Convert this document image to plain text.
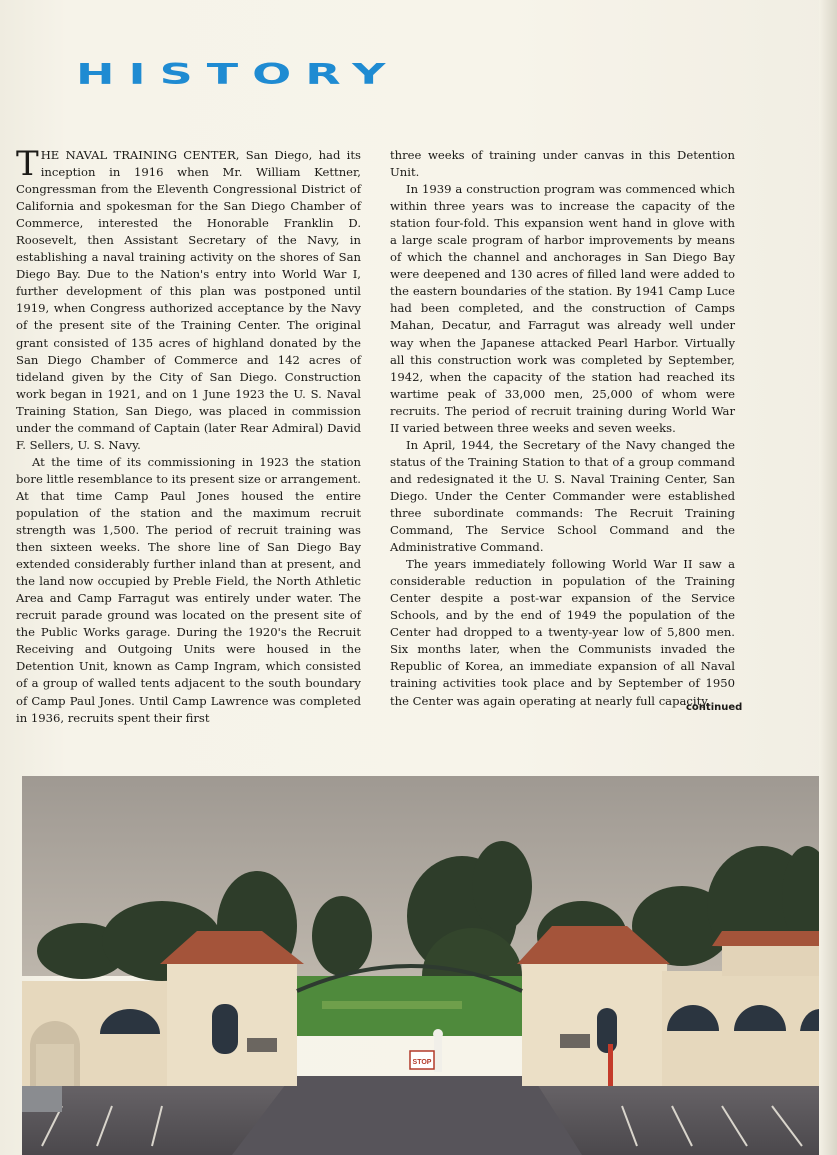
HISTORY

THE NAVAL TRAINING CENTER, San Diego, had its inception in 1916 when Mr. William Kettner, Congressman from the Eleventh Congressional District of California and spokesman for the San Diego Chamber of Commerce, interested the Honorable Franklin D. Roosevelt, then Assistant Secretary of the Navy, in establishing a naval training activity on the shores of San Diego Bay. Due to the Nation's entry into World War I, further development of this plan was postponed until 1919, when Congress authorized acceptance by the Navy of the present site of the Training Center. The original grant consisted of 135 acres of highland donated by the San Diego Chamber of Commerce and 142 acres of tideland given by the City of San Diego. Construction work began in 1921, and on 1 June 1923 the U. S. Naval Training Station, San Diego, was placed in commission under the command of Captain (later Rear Admiral) David F. Sellers, U. S. Navy.

At the time of its commissioning in 1923 the station bore little resemblance to its present size or arrangement. At that time Camp Paul Jones housed the entire population of the station and the maximum recruit strength was 1,500. The period of recruit training was then sixteen weeks. The shore line of San Diego Bay extended considerably further inland than at present, and the land now occupied by Preble Field, the North Athletic Area and Camp Farragut was entirely under water. The recruit parade ground was located on the present site of the Public Works garage. During the 1920's the Recruit Receiving and Outgoing Units were housed in the Detention Unit, known as Camp Ingram, which consisted of a group of walled tents adjacent to the south boundary of Camp Paul Jones. Until Camp Lawrence was completed in 1936, recruits spent their first

three weeks of training under canvas in this Detention Unit.

In 1939 a construction program was commenced which within three years was to increase the capacity of the station four-fold. This expansion went hand in glove with a large scale program of harbor improvements by means of which the channel and anchorages in San Diego Bay were deepened and 130 acres of filled land were added to the eastern boundaries of the station. By 1941 Camp Luce had been completed, and the construction of Camps Mahan, Decatur, and Farragut was already well under way when the Japanese attacked Pearl Harbor. Virtually all this construction work was completed by September, 1942, when the capacity of the station had reached its wartime peak of 33,000 men, 25,000 of whom were recruits. The period of recruit training during World War II varied between three weeks and seven weeks.

In April, 1944, the Secretary of the Navy changed the status of the Training Station to that of a group command and redesignated it the U. S. Naval Training Center, San Diego. Under the Center Commander were established three subordinate commands: The Recruit Training Command, The Service School Command and the Administrative Command.

The years immediately following World War II saw a considerable reduction in population of the Training Center despite a post-war expansion of the Service Schools, and by the end of 1949 the population of the Center had dropped to a twenty-year low of 5,800 men. Six months later, when the Communists invaded the Republic of Korea, an immediate expansion of all Naval training activities took place and by September of 1950 the Center was again operating at nearly full capacity.

continued
STOP
